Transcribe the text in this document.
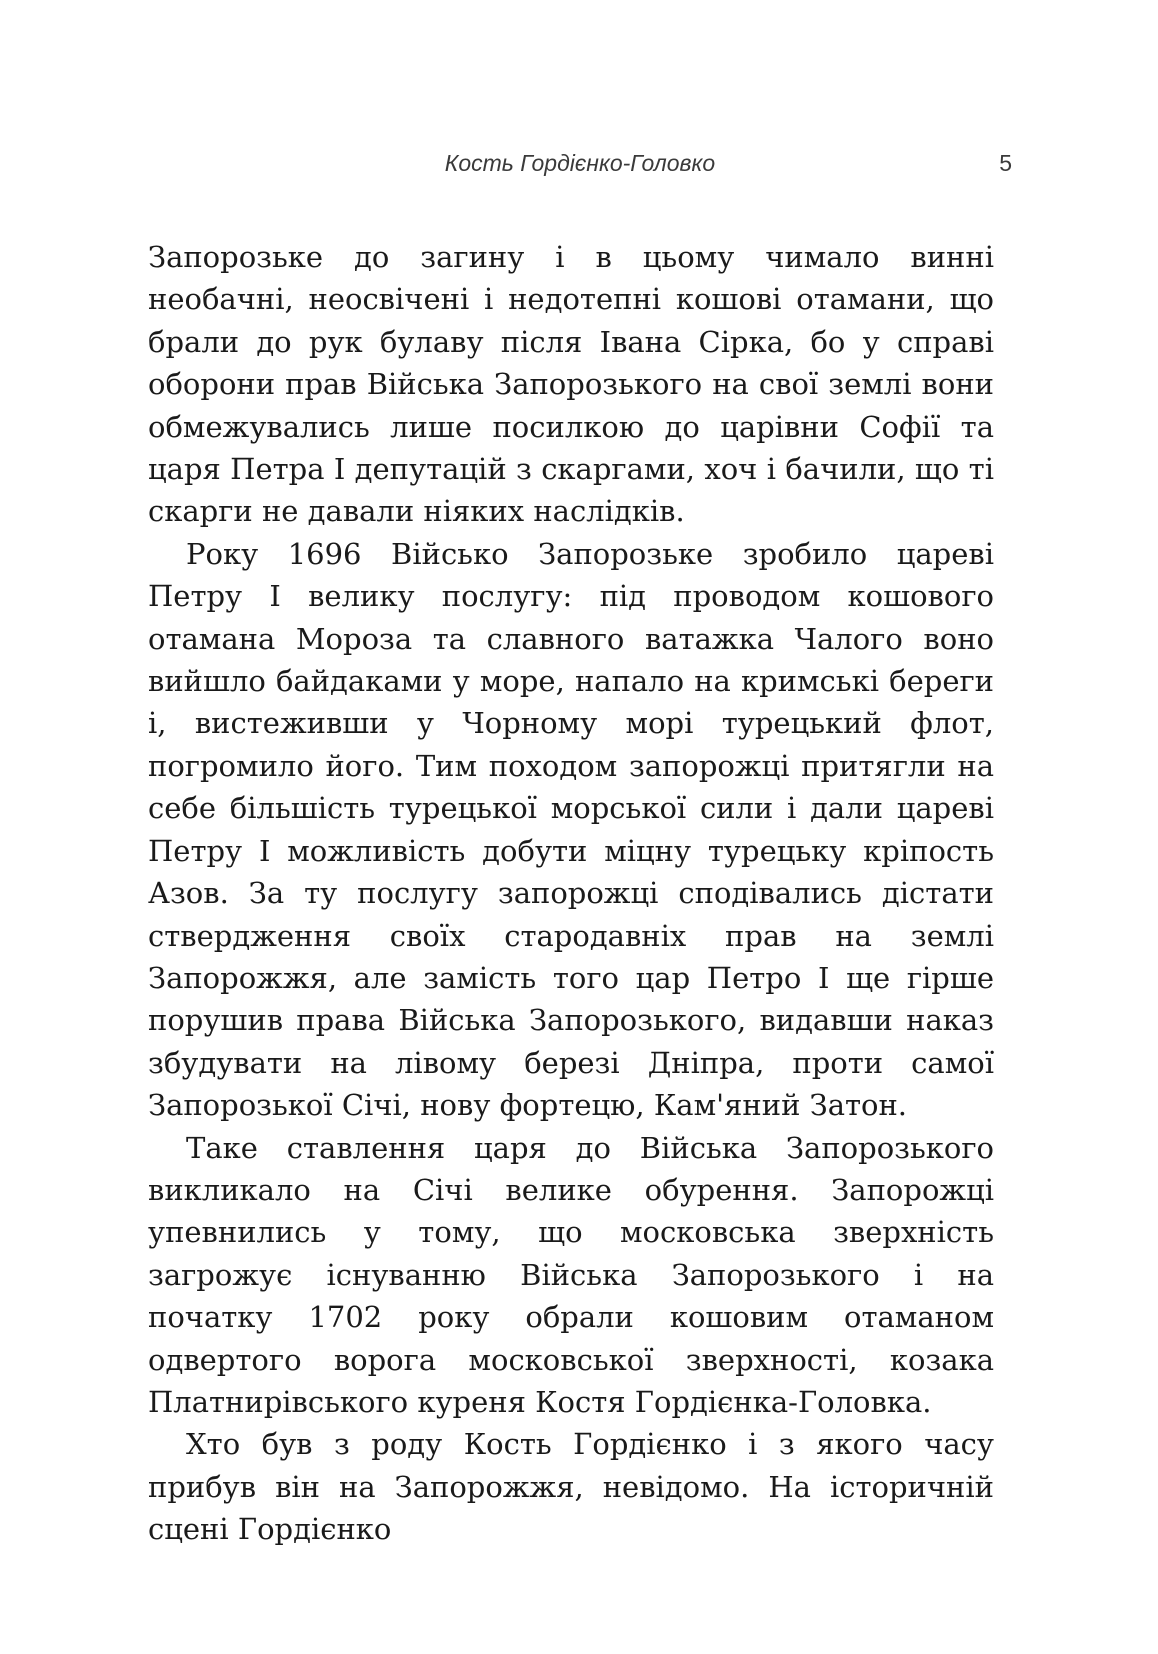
Кость Гордієнко-Головко	5

Запорозьке до загину і в цьому чимало винні необачні, неосвічені і недотепні кошові отамани, що брали до рук булаву після Івана Сірка, бо у справі оборони прав Війська Запорозького на свої землі вони обмежувались лише посилкою до царівни Софії та царя Петра І депутацій з скаргами, хоч і бачили, що ті скарги не давали ніяких наслідків.

Року 1696 Військо Запорозьке зробило цареві Петру І велику послугу: під проводом кошового отамана Мороза та славного ватажка Чалого воно вийшло байдаками у море, напало на кримські береги і, вистеживши у Чорному морі турецький флот, погромило його. Тим походом запорожці притягли на себе більшість турецької морської сили і дали цареві Петру І можливість добути міцну турецьку кріпость Азов. За ту послугу запорожці сподівались дістати ствердження своїх стародавніх прав на землі Запорожжя, але замість того цар Петро І ще гірше порушив права Війська Запорозького, видавши наказ збудувати на лівому березі Дніпра, проти самої Запорозької Січі, нову фортецю, Кам'яний Затон.

Таке ставлення царя до Війська Запорозького викликало на Січі велике обурення. Запорожці упевнились у тому, що московська зверхність загрожує існуванню Війська Запорозького і на початку 1702 року обрали кошовим отаманом одвертого ворога московської зверхності, козака Платнирівського куреня Костя Гордієнка-Головка.

Хто був з роду Кость Гордієнко і з якого часу прибув він на Запорожжя, невідомо. На історичній сцені Гордієнко
